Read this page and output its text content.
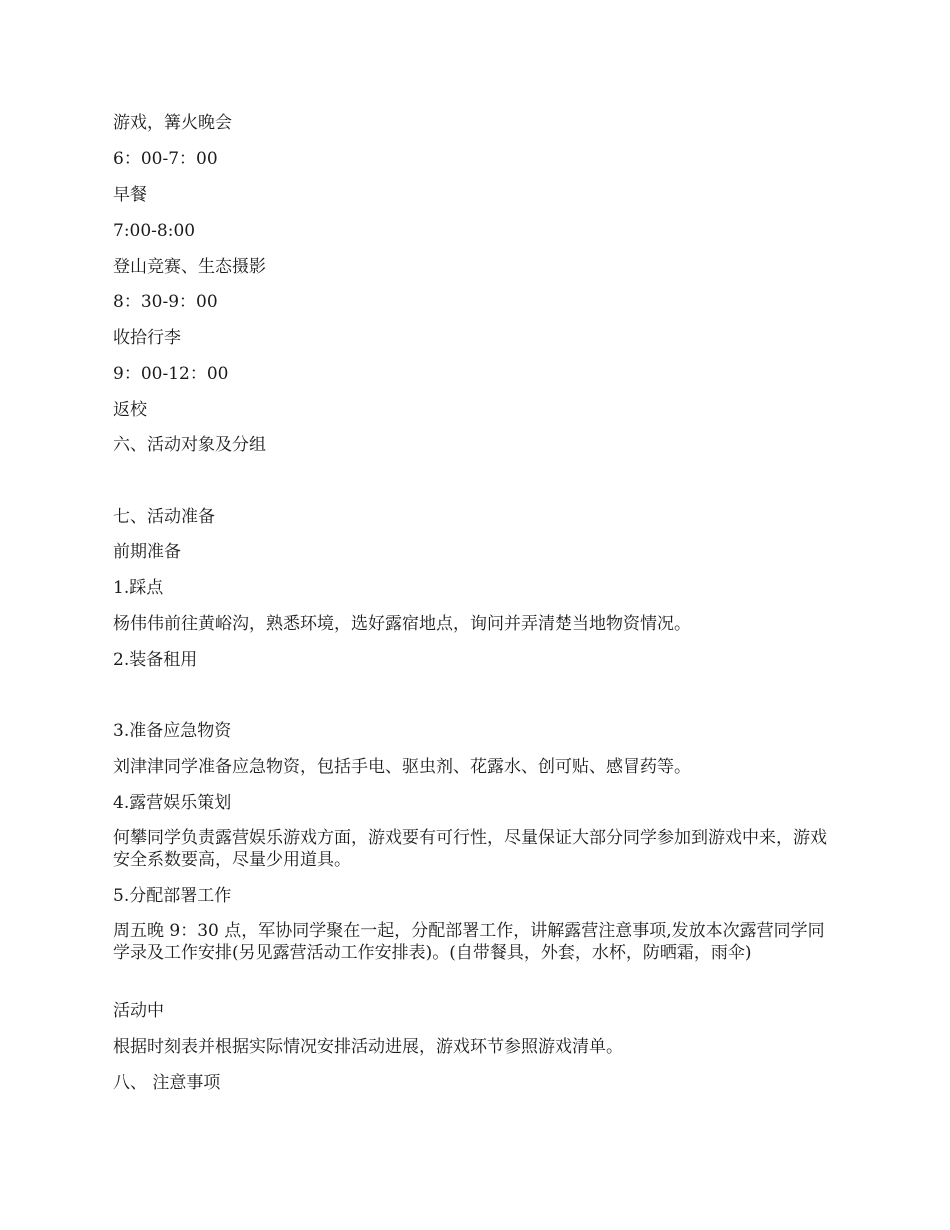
游戏，篝火晚会
6：00-7：00
早餐
7:00-8:00
登山竞赛、生态摄影
8：30-9：00
收拾行李
9：00-12：00
返校
六、活动对象及分组
七、活动准备
前期准备
1.踩点
杨伟伟前往黄峪沟，熟悉环境，选好露宿地点，询问并弄清楚当地物资情况。
2.装备租用
3.准备应急物资
刘津津同学准备应急物资，包括手电、驱虫剂、花露水、创可贴、感冒药等。
4.露营娱乐策划
何攀同学负责露营娱乐游戏方面，游戏要有可行性，尽量保证大部分同学参加到游戏中来，游戏安全系数要高，尽量少用道具。
5.分配部署工作
周五晚 9：30 点，军协同学聚在一起，分配部署工作，讲解露营注意事项,发放本次露营同学同学录及工作安排(另见露营活动工作安排表)。(自带餐具，外套，水杯，防晒霜，雨伞)
活动中
根据时刻表并根据实际情况安排活动进展，游戏环节参照游戏清单。
八、 注意事项
